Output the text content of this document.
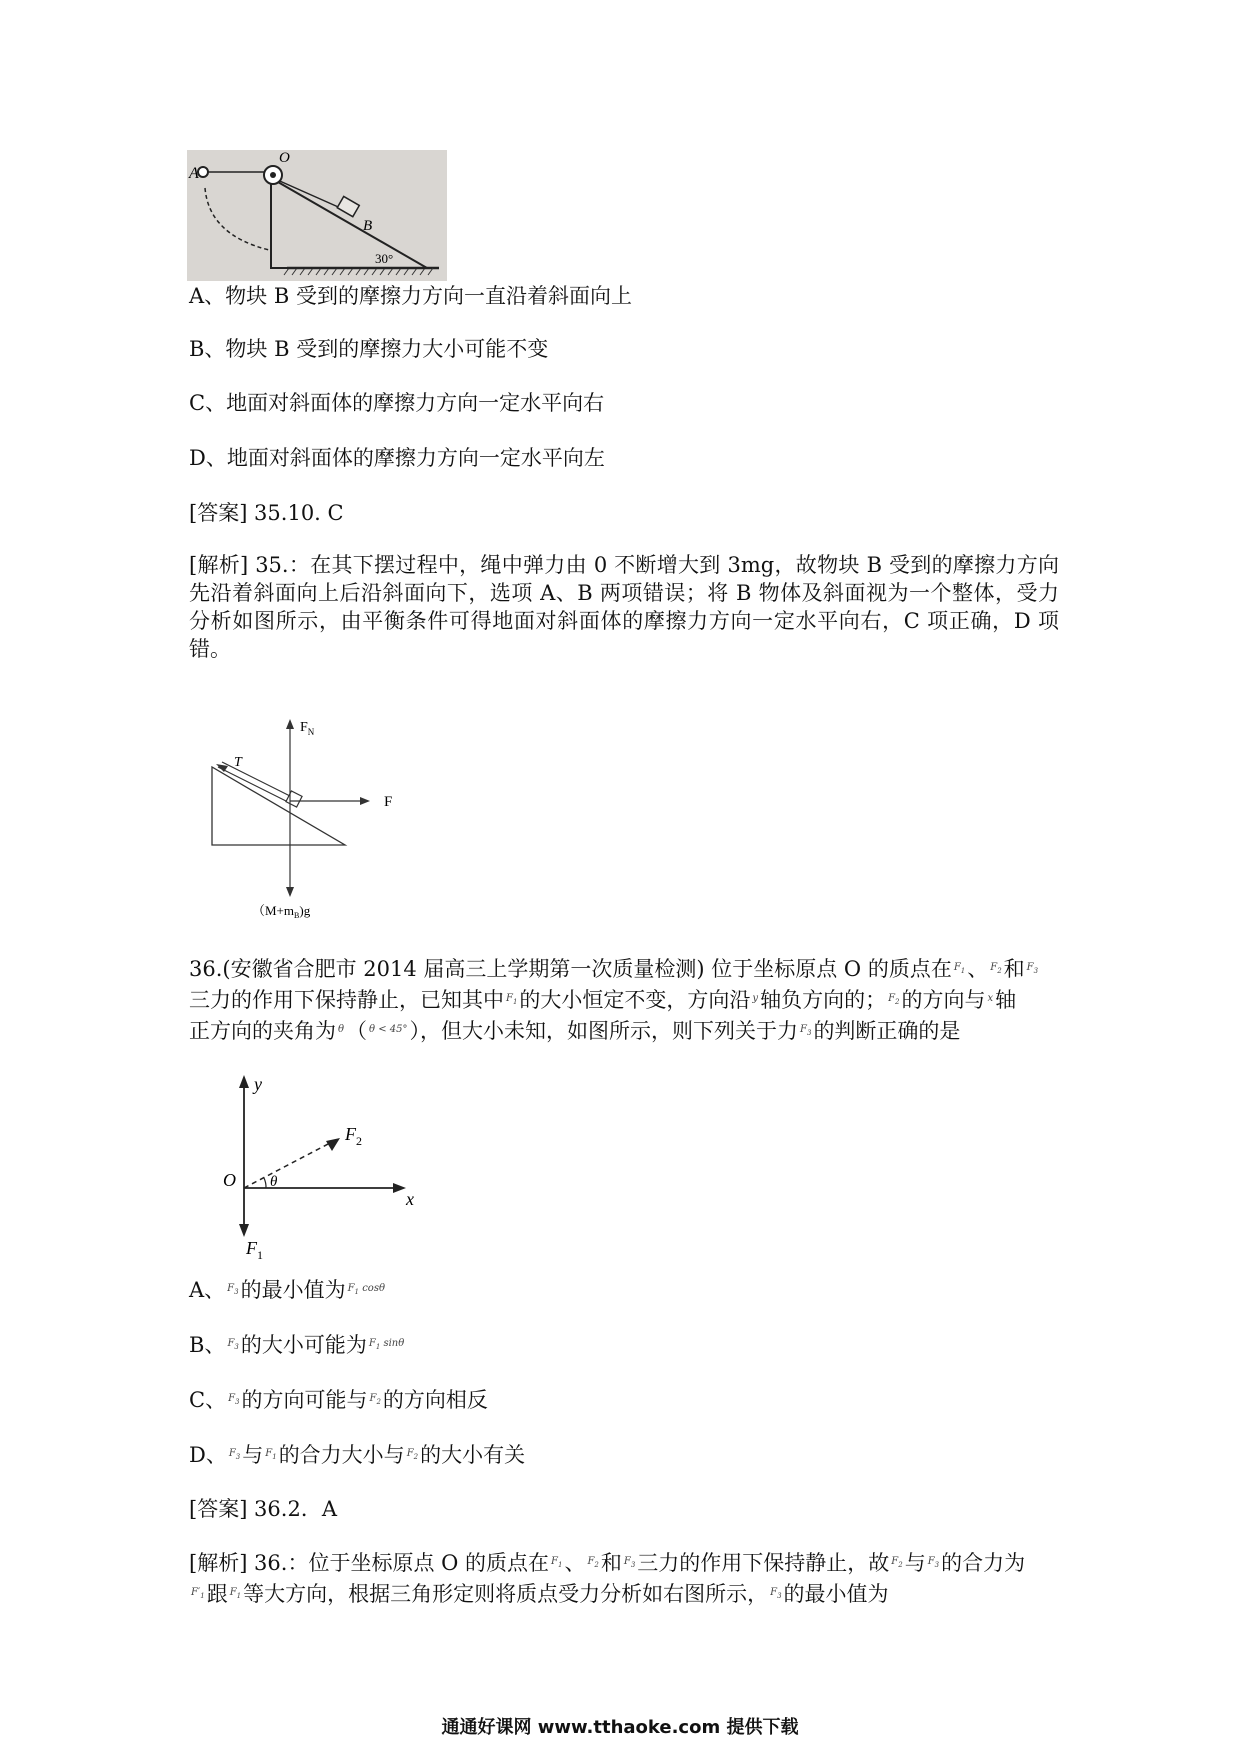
A
O
B
30°
A、物块 B 受到的摩擦力方向一直沿着斜面向上
B、物块 B 受到的摩擦力大小可能不变
C、地面对斜面体的摩擦力方向一定水平向右
D、地面对斜面体的摩擦力方向一定水平向左
[答案] 35.10. C
[解析] 35.：在其下摆过程中，绳中弹力由 0 不断增大到 3mg，故物块 B 受到的摩擦力方向
先沿着斜面向上后沿斜面向下，选项 A、B 两项错误；将 B 物体及斜面视为一个整体，受力
分析如图所示，由平衡条件可得地面对斜面体的摩擦力方向一定水平向右，C 项正确，D 项
错。
T
$F_N$
F
$(M+m_B)g$
36.(安徽省合肥市 2014 届高三上学期第一次质量检测) 位于坐标原点 O 的质点在 $^{F_1}$、 $^{F_2}$和 $^{F_3}$
三力的作用下保持静止，已知其中 $^{F_1}$的大小恒定不变，方向沿 $^y$轴负方向的； $^{F_2}$的方向与 $^x$轴
正方向的夹角为 $^\theta$（ $^{\theta < 45^\circ}$），但大小未知，如图所示，则下列关于力 $^{F_3}$的判断正确的是
y
x
O θ
$F_2$
$F_1$
A、 $^{F_3}$的最小值为 $^{F_1 cos\theta}$
B、 $^{F_3}$的大小可能为 $^{F_1 sin\theta}$
C、 $^{F_3}$的方向可能与 $^{F_2}$的方向相反
D、 $^{F_3}$与 $^{F_1}$的合力大小与 $^{F_2}$的大小有关
[答案] 36.2．A
[解析] 36.：位于坐标原点 O 的质点在 $^{F_1}$、 $^{F_2}$和 $^{F_3}$三力的作用下保持静止，故 $^{F_2}$与 $^{F_3}$的合力为
$^{F'_1}$跟 $^{F_1}$等大方向，根据三角形定则将质点受力分析如右图所示， $^{F_3}$的最小值为
通通好课网 www.tthaoke.com 提供下载
